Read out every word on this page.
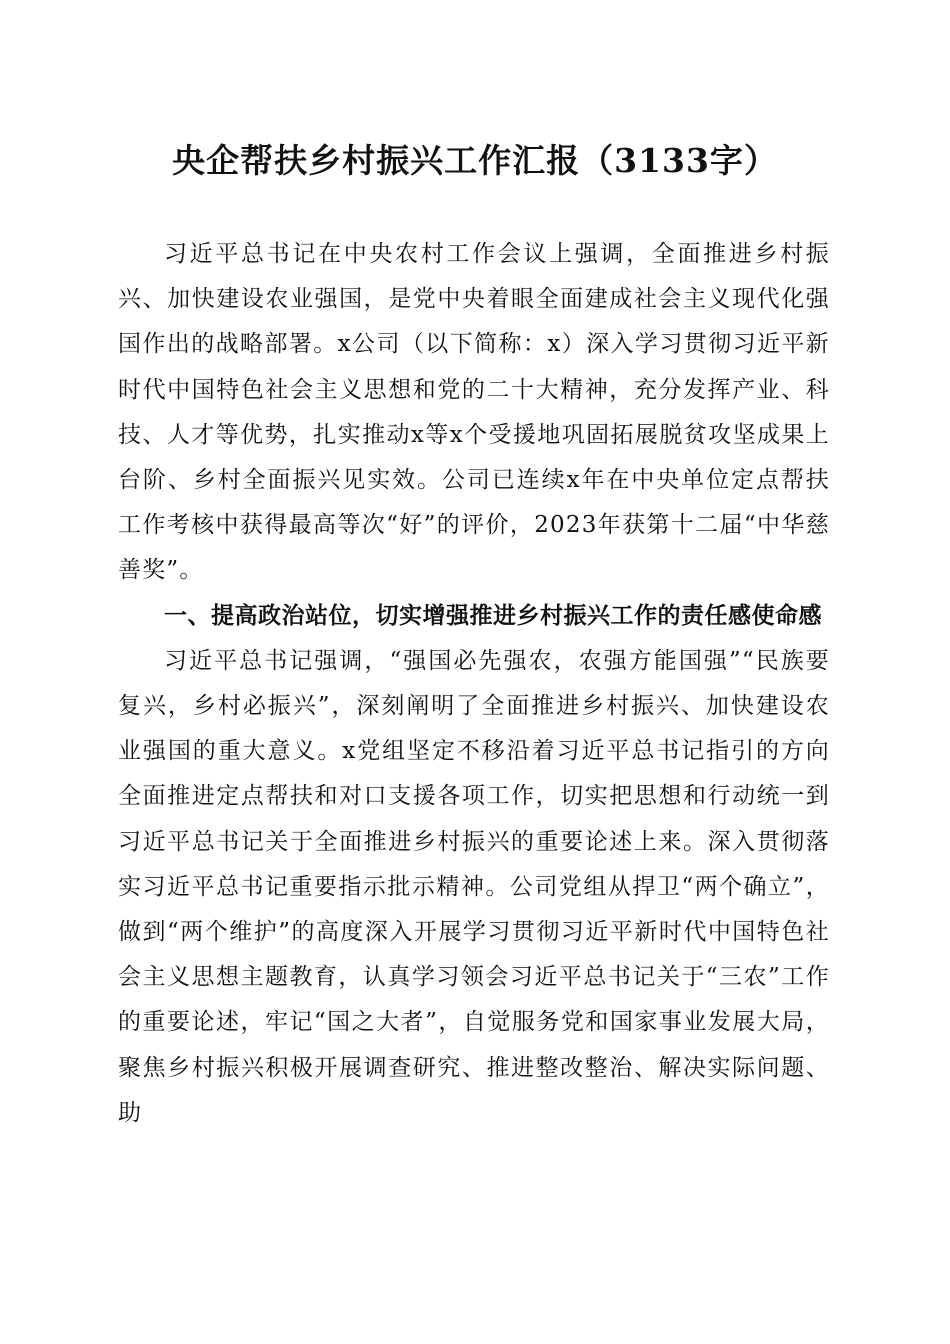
央企帮扶乡村振兴工作汇报（3133字）

习近平总书记在中央农村工作会议上强调，全面推进乡村振兴、加快建设农业强国，是党中央着眼全面建成社会主义现代化强国作出的战略部署。x公司（以下简称：x）深入学习贯彻习近平新时代中国特色社会主义思想和党的二十大精神，充分发挥产业、科技、人才等优势，扎实推动x等x个受援地巩固拓展脱贫攻坚成果上台阶、乡村全面振兴见实效。公司已连续x年在中央单位定点帮扶工作考核中获得最高等次“好”的评价，2023年获第十二届“中华慈善奖”。

一、提高政治站位，切实增强推进乡村振兴工作的责任感使命感

习近平总书记强调，“强国必先强农，农强方能国强”“民族要复兴，乡村必振兴”，深刻阐明了全面推进乡村振兴、加快建设农业强国的重大意义。x党组坚定不移沿着习近平总书记指引的方向全面推进定点帮扶和对口支援各项工作，切实把思想和行动统一到习近平总书记关于全面推进乡村振兴的重要论述上来。深入贯彻落实习近平总书记重要指示批示精神。公司党组从捍卫“两个确立”，做到“两个维护”的高度深入开展学习贯彻习近平新时代中国特色社会主义思想主题教育，认真学习领会习近平总书记关于“三农”工作的重要论述，牢记“国之大者”，自觉服务党和国家事业发展大局，聚焦乡村振兴积极开展调查研究、推进整改整治、解决实际问题、助
